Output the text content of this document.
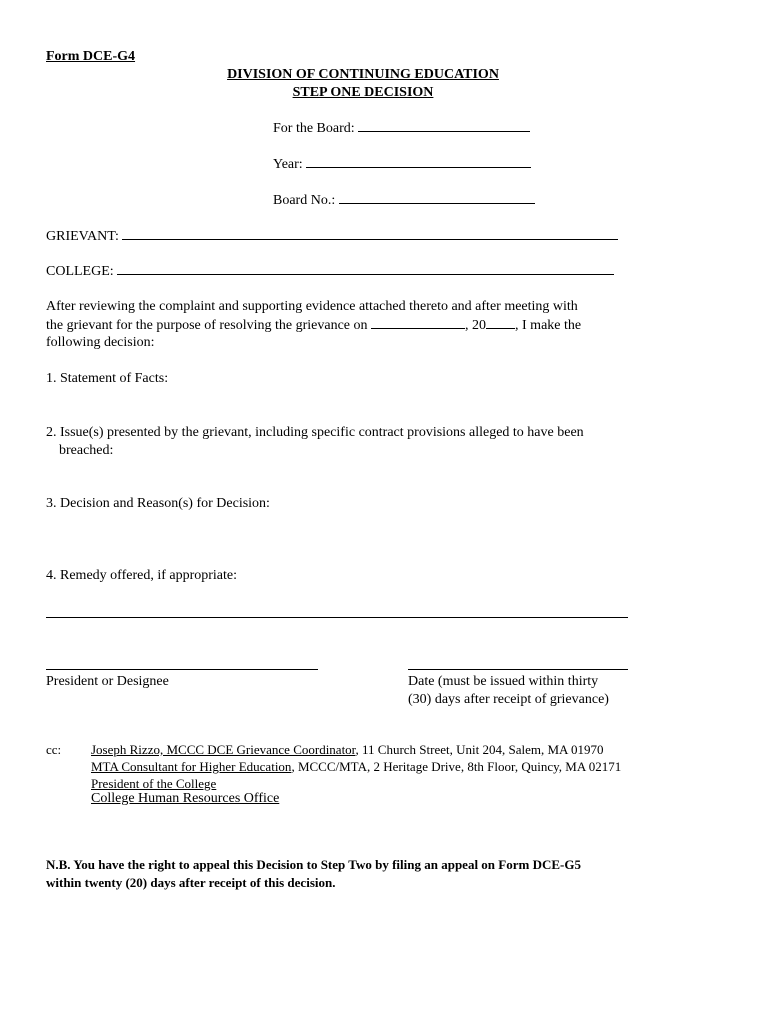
Form DCE-G4
DIVISION OF CONTINUING EDUCATION
STEP ONE DECISION
For the Board:
Year:
Board No.:
GRIEVANT:
COLLEGE:
After reviewing the complaint and supporting evidence attached thereto and after meeting with
the grievant for the purpose of resolving the grievance on	, 20 , I make the
following decision:
1. Statement of Facts:
2. Issue(s) presented by the grievant, including specific contract provisions alleged to have been
breached:
3. Decision and Reason(s) for Decision:
4. Remedy offered, if appropriate:
President or Designee	Date (must be issued within thirty
(30) days after receipt of grievance)
cc: Joseph Rizzo, MCCC DCE Grievance Coordinator, 11 Church Street, Unit 204, Salem, MA 01970
MTA Consultant for Higher Education, MCCC/MTA, 2 Heritage Drive, 8th Floor, Quincy, MA 02171
President of the College
College Human Resources Office
N.B. You have the right to appeal this Decision to Step Two by filing an appeal on Form DCE-G5
within twenty (20) days after receipt of this decision.
